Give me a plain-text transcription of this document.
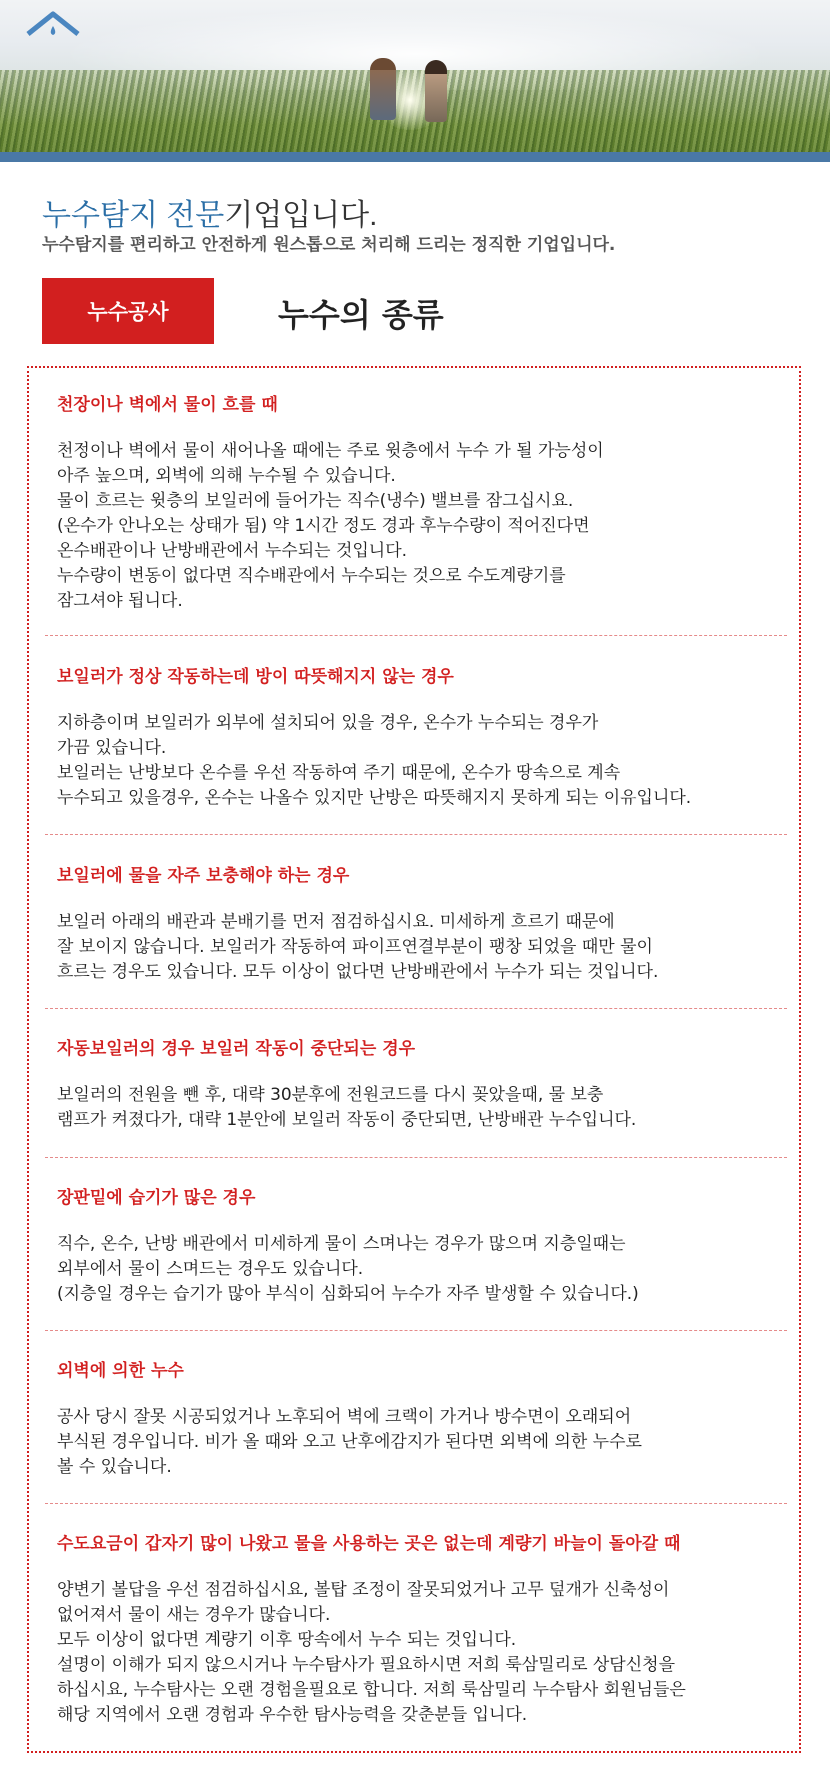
누수탐지 전문기업입니다.

누수탐지를 편리하고 안전하게 원스톱으로 처리해 드리는 정직한 기업입니다.

누수공사	누수의 종류
천장이나 벽에서 물이 흐를 때

천정이나 벽에서 물이 새어나올 때에는 주로 윗층에서 누수 가 될 가능성이
아주 높으며, 외벽에 의해 누수될 수 있습니다.
물이 흐르는 윗층의 보일러에 들어가는 직수(냉수) 밸브를 잠그십시요.
(온수가 안나오는 상태가 됨) 약 1시간 정도 경과 후누수량이 적어진다면
온수배관이나 난방배관에서 누수되는 것입니다.
누수량이 변동이 없다면 직수배관에서 누수되는 것으로 수도계량기를
잠그셔야 됩니다.

보일러가 정상 작동하는데 방이 따뜻해지지 않는 경우

지하층이며 보일러가 외부에 설치되어 있을 경우, 온수가 누수되는 경우가
가끔 있습니다.
보일러는 난방보다 온수를 우선 작동하여 주기 때문에, 온수가 땅속으로 계속
누수되고 있을경우, 온수는 나올수 있지만 난방은 따뜻해지지 못하게 되는 이유입니다.

보일러에 물을 자주 보충해야 하는 경우

보일러 아래의 배관과 분배기를 먼저 점검하십시요. 미세하게 흐르기 때문에
잘 보이지 않습니다. 보일러가 작동하여 파이프연결부분이 팽창 되었을 때만 물이
흐르는 경우도 있습니다. 모두 이상이 없다면 난방배관에서 누수가 되는 것입니다.

자동보일러의 경우 보일러 작동이 중단되는 경우

보일러의 전원을 뺀 후, 대략 30분후에 전원코드를 다시 꽂았을때, 물 보충
램프가 켜졌다가, 대략 1분안에 보일러 작동이 중단되면, 난방배관 누수입니다.

장판밑에 습기가 많은 경우

직수, 온수, 난방 배관에서 미세하게 물이 스며나는 경우가 많으며 지층일때는
외부에서 물이 스며드는 경우도 있습니다.
(지층일 경우는 습기가 많아 부식이 심화되어 누수가 자주 발생할 수 있습니다.)

외벽에 의한 누수

공사 당시 잘못 시공되었거나 노후되어 벽에 크랙이 가거나 방수면이 오래되어
부식된 경우입니다. 비가 올 때와 오고 난후에감지가 된다면 외벽에 의한 누수로
볼 수 있습니다.

수도요금이 갑자기 많이 나왔고 물을 사용하는 곳은 없는데 계량기 바늘이 돌아갈 때

양변기 볼답을 우선 점검하십시요, 볼탑 조정이 잘못되었거나 고무 덮개가 신축성이
없어져서 물이 새는 경우가 많습니다.
모두 이상이 없다면 계량기 이후 땅속에서 누수 되는 것입니다.
설명이 이해가 되지 않으시거나 누수탐사가 필요하시면 저희 룩삼밀리로 상담신청을
하십시요, 누수탐사는 오랜 경험을필요로 합니다. 저희 룩삼밀리 누수탐사 회원님들은
해당 지역에서 오랜 경험과 우수한 탐사능력을 갖춘분들 입니다.
